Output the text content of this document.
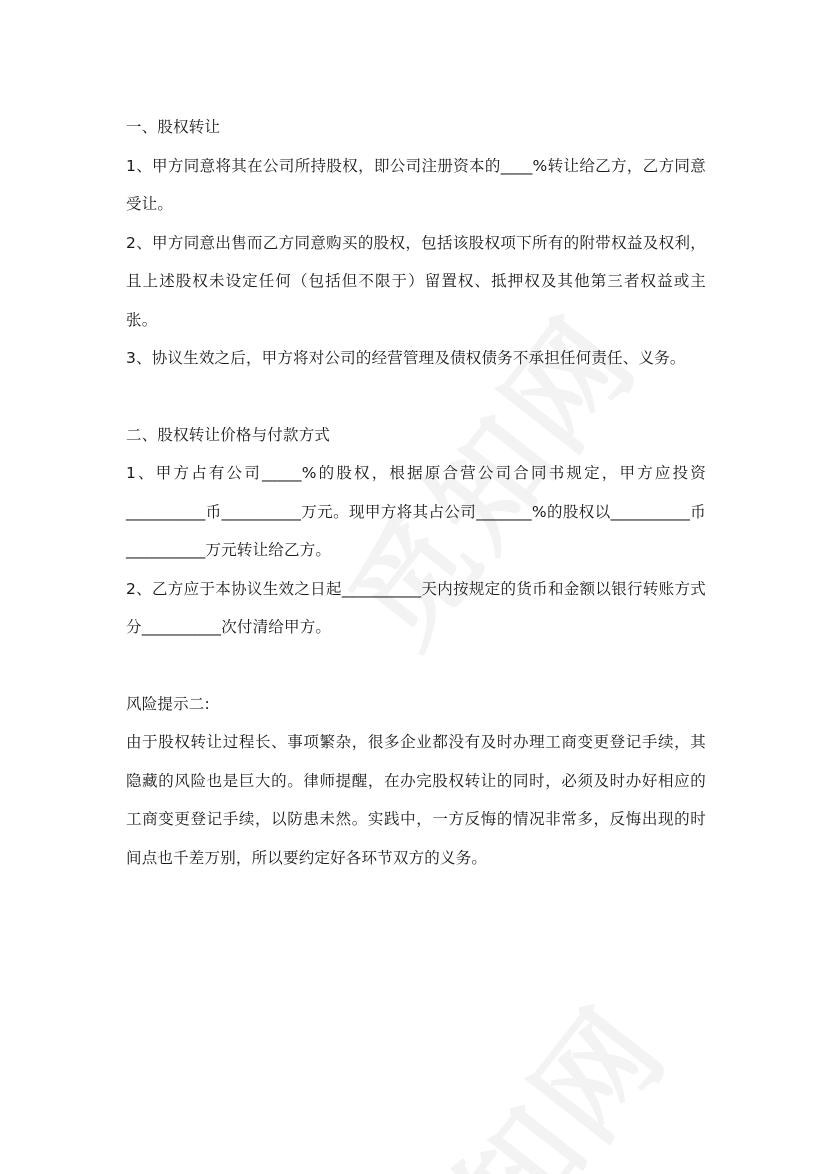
一、股权转让

1、甲方同意将其在公司所持股权，即公司注册资本的____%转让给乙方，乙方同意受让。

2、甲方同意出售而乙方同意购买的股权，包括该股权项下所有的附带权益及权利，且上述股权未设定任何（包括但不限于）留置权、抵押权及其他第三者权益或主张。

3、协议生效之后，甲方将对公司的经营管理及债权债务不承担任何责任、义务。

二、股权转让价格与付款方式

1、甲方占有公司_____%的股权，根据原合营公司合同书规定，甲方应投资__________币__________万元。现甲方将其占公司_______%的股权以__________币__________万元转让给乙方。

2、乙方应于本协议生效之日起__________天内按规定的货币和金额以银行转账方式分__________次付清给甲方。

风险提示二:

由于股权转让过程长、事项繁杂，很多企业都没有及时办理工商变更登记手续，其隐藏的风险也是巨大的。律师提醒，在办完股权转让的同时，必须及时办好相应的工商变更登记手续，以防患未然。实践中，一方反悔的情况非常多，反悔出现的时间点也千差万别，所以要约定好各环节双方的义务。
